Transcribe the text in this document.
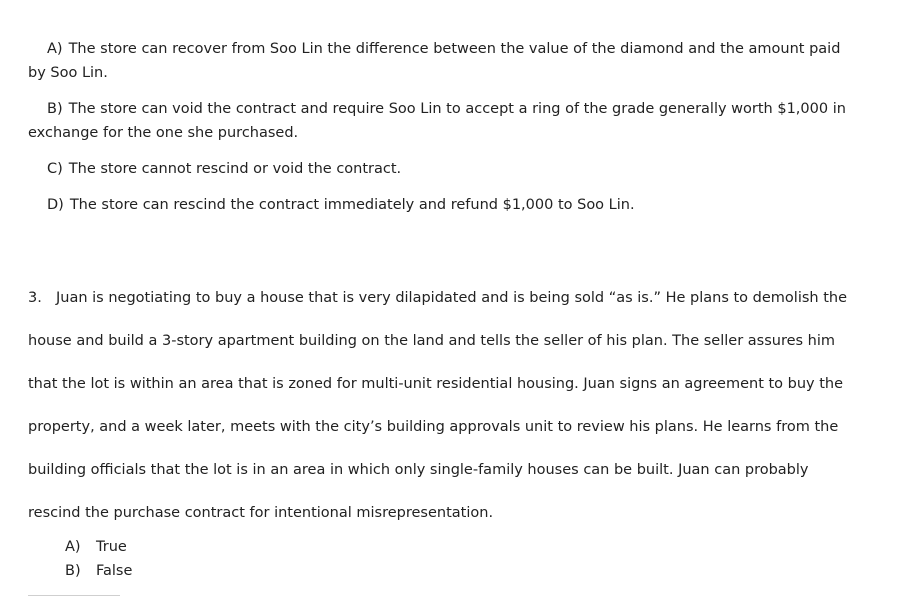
A) The store can recover from Soo Lin the difference between the value of the diamond and the amount paid by Soo Lin.
B) The store can void the contract and require Soo Lin to accept a ring of the grade generally worth $1,000 in exchange for the one she purchased.
C) The store cannot rescind or void the contract.
D) The store can rescind the contract immediately and refund $1,000 to Soo Lin.
3. Juan is negotiating to buy a house that is very dilapidated and is being sold “as is.” He plans to demolish the house and build a 3-story apartment building on the land and tells the seller of his plan. The seller assures him that the lot is within an area that is zoned for multi-unit residential housing. Juan signs an agreement to buy the property, and a week later, meets with the city’s building approvals unit to review his plans. He learns from the building officials that the lot is in an area in which only single-family houses can be built. Juan can probably rescind the purchase contract for intentional misrepresentation.
A) True
B) False
